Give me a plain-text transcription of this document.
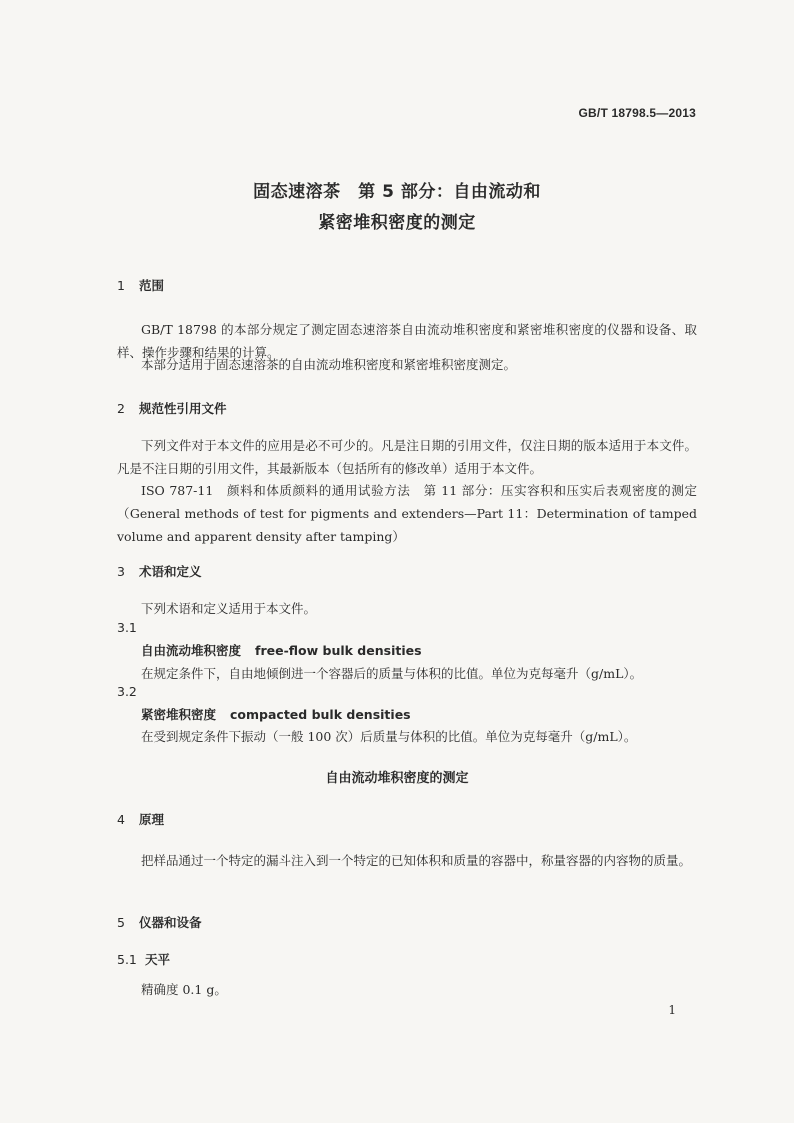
GB/T 18798.5—2013
固态速溶茶　第 5 部分：自由流动和
紧密堆积密度的测定
1 范围
GB/T 18798 的本部分规定了测定固态速溶茶自由流动堆积密度和紧密堆积密度的仪器和设备、取样、操作步骤和结果的计算。
本部分适用于固态速溶茶的自由流动堆积密度和紧密堆积密度测定。
2 规范性引用文件
下列文件对于本文件的应用是必不可少的。凡是注日期的引用文件，仅注日期的版本适用于本文件。凡是不注日期的引用文件，其最新版本（包括所有的修改单）适用于本文件。
ISO 787-11　颜料和体质颜料的通用试验方法　第 11 部分：压实容积和压实后表观密度的测定（General methods of test for pigments and extenders—Part 11：Determination of tamped volume and apparent density after tamping）
3 术语和定义
下列术语和定义适用于本文件。
3.1
自由流动堆积密度 free-flow bulk densities
在规定条件下，自由地倾倒进一个容器后的质量与体积的比值。单位为克每毫升（g/mL）。
3.2
紧密堆积密度 compacted bulk densities
在受到规定条件下振动（一般 100 次）后质量与体积的比值。单位为克每毫升（g/mL）。
自由流动堆积密度的测定
4 原理
把样品通过一个特定的漏斗注入到一个特定的已知体积和质量的容器中，称量容器的内容物的质量。
5 仪器和设备
5.1 天平
精确度 0.1 g。
1
